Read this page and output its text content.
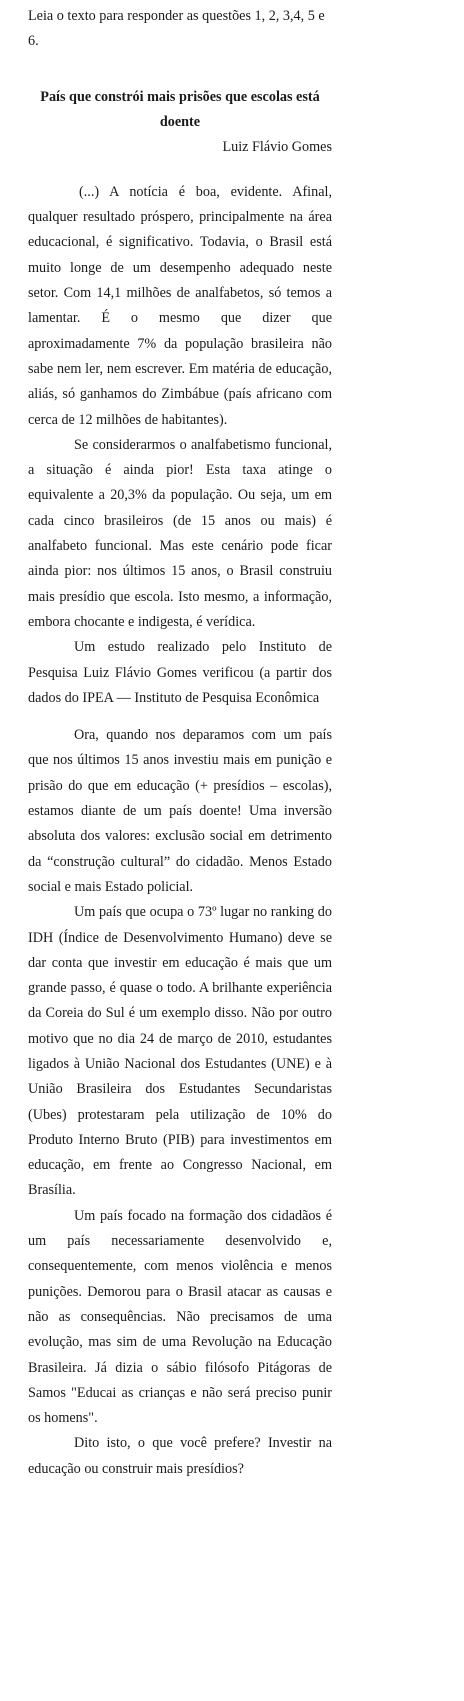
Leia o texto para responder as questões 1, 2, 3,4, 5 e 6.

País que constrói mais prisões que escolas está doente
Luiz Flávio Gomes

(...) A notícia é boa, evidente. Afinal, qualquer resultado próspero, principalmente na área educacional, é significativo. Todavia, o Brasil está muito longe de um desempenho adequado neste setor. Com 14,1 milhões de analfabetos, só temos a lamentar. É o mesmo que dizer que aproximadamente 7% da população brasileira não sabe nem ler, nem escrever. Em matéria de educação, aliás, só ganhamos do Zimbábue (país africano com cerca de 12 milhões de habitantes).

Se considerarmos o analfabetismo funcional, a situação é ainda pior! Esta taxa atinge o equivalente a 20,3% da população. Ou seja, um em cada cinco brasileiros (de 15 anos ou mais) é analfabeto funcional. Mas este cenário pode ficar ainda pior: nos últimos 15 anos, o Brasil construiu mais presídio que escola. Isto mesmo, a informação, embora chocante e indigesta, é verídica.

Um estudo realizado pelo Instituto de Pesquisa Luiz Flávio Gomes verificou (a partir dos dados do IPEA — Instituto de Pesquisa Econômica

Ora, quando nos deparamos com um país que nos últimos 15 anos investiu mais em punição e prisão do que em educação (+ presídios – escolas), estamos diante de um país doente! Uma inversão absoluta dos valores: exclusão social em detrimento da “construção cultural” do cidadão. Menos Estado social e mais Estado policial.

Um país que ocupa o 73º lugar no ranking do IDH (Índice de Desenvolvimento Humano) deve se dar conta que investir em educação é mais que um grande passo, é quase o todo. A brilhante experiência da Coreia do Sul é um exemplo disso. Não por outro motivo que no dia 24 de março de 2010, estudantes ligados à União Nacional dos Estudantes (UNE) e à União Brasileira dos Estudantes Secundaristas (Ubes) protestaram pela utilização de 10% do Produto Interno Bruto (PIB) para investimentos em educação, em frente ao Congresso Nacional, em Brasília.

Um país focado na formação dos cidadãos é um país necessariamente desenvolvido e, consequentemente, com menos violência e menos punições. Demorou para o Brasil atacar as causas e não as consequências. Não precisamos de uma evolução, mas sim de uma Revolução na Educação Brasileira. Já dizia o sábio filósofo Pitágoras de Samos "Educai as crianças e não será preciso punir os homens".

Dito isto, o que você prefere? Investir na educação ou construir mais presídios?
